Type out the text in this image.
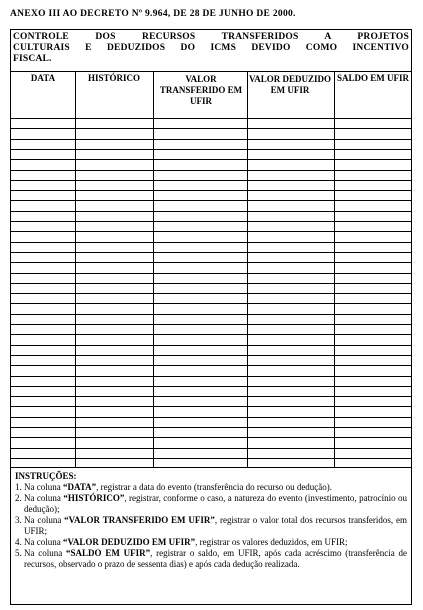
ANEXO III AO DECRETO Nº 9.964, DE 28 DE JUNHO DE 2000.
CONTROLE DOS RECURSOS TRANSFERIDOS A PROJETOS
CULTURAIS E DEDUZIDOS DO ICMS DEVIDO COMO INCENTIVO
FISCAL.
DATA	HISTÓRICO	VALOR TRANSFERIDO EM UFIR
VALOR DEDUZIDO EM UFIR
SALDO EM UFIR
INSTRUÇÕES:
1. Na coluna “DATA”, registrar a data do evento (transferência do recurso ou dedução).
2. Na coluna “HISTÓRICO”, registrar, conforme o caso, a natureza do evento (investimento, patrocínio ou dedução);
3. Na coluna “VALOR TRANSFERIDO EM UFIR”, registrar o valor total dos recursos transferidos, em UFIR;
4. Na coluna “VALOR DEDUZIDO EM UFIR”, registrar os valores deduzidos, em UFIR;
5. Na coluna “SALDO EM UFIR”, registrar o saldo, em UFIR, após cada acréscimo (transferência de recursos, observado o prazo de sessenta dias) e após cada dedução realizada.
